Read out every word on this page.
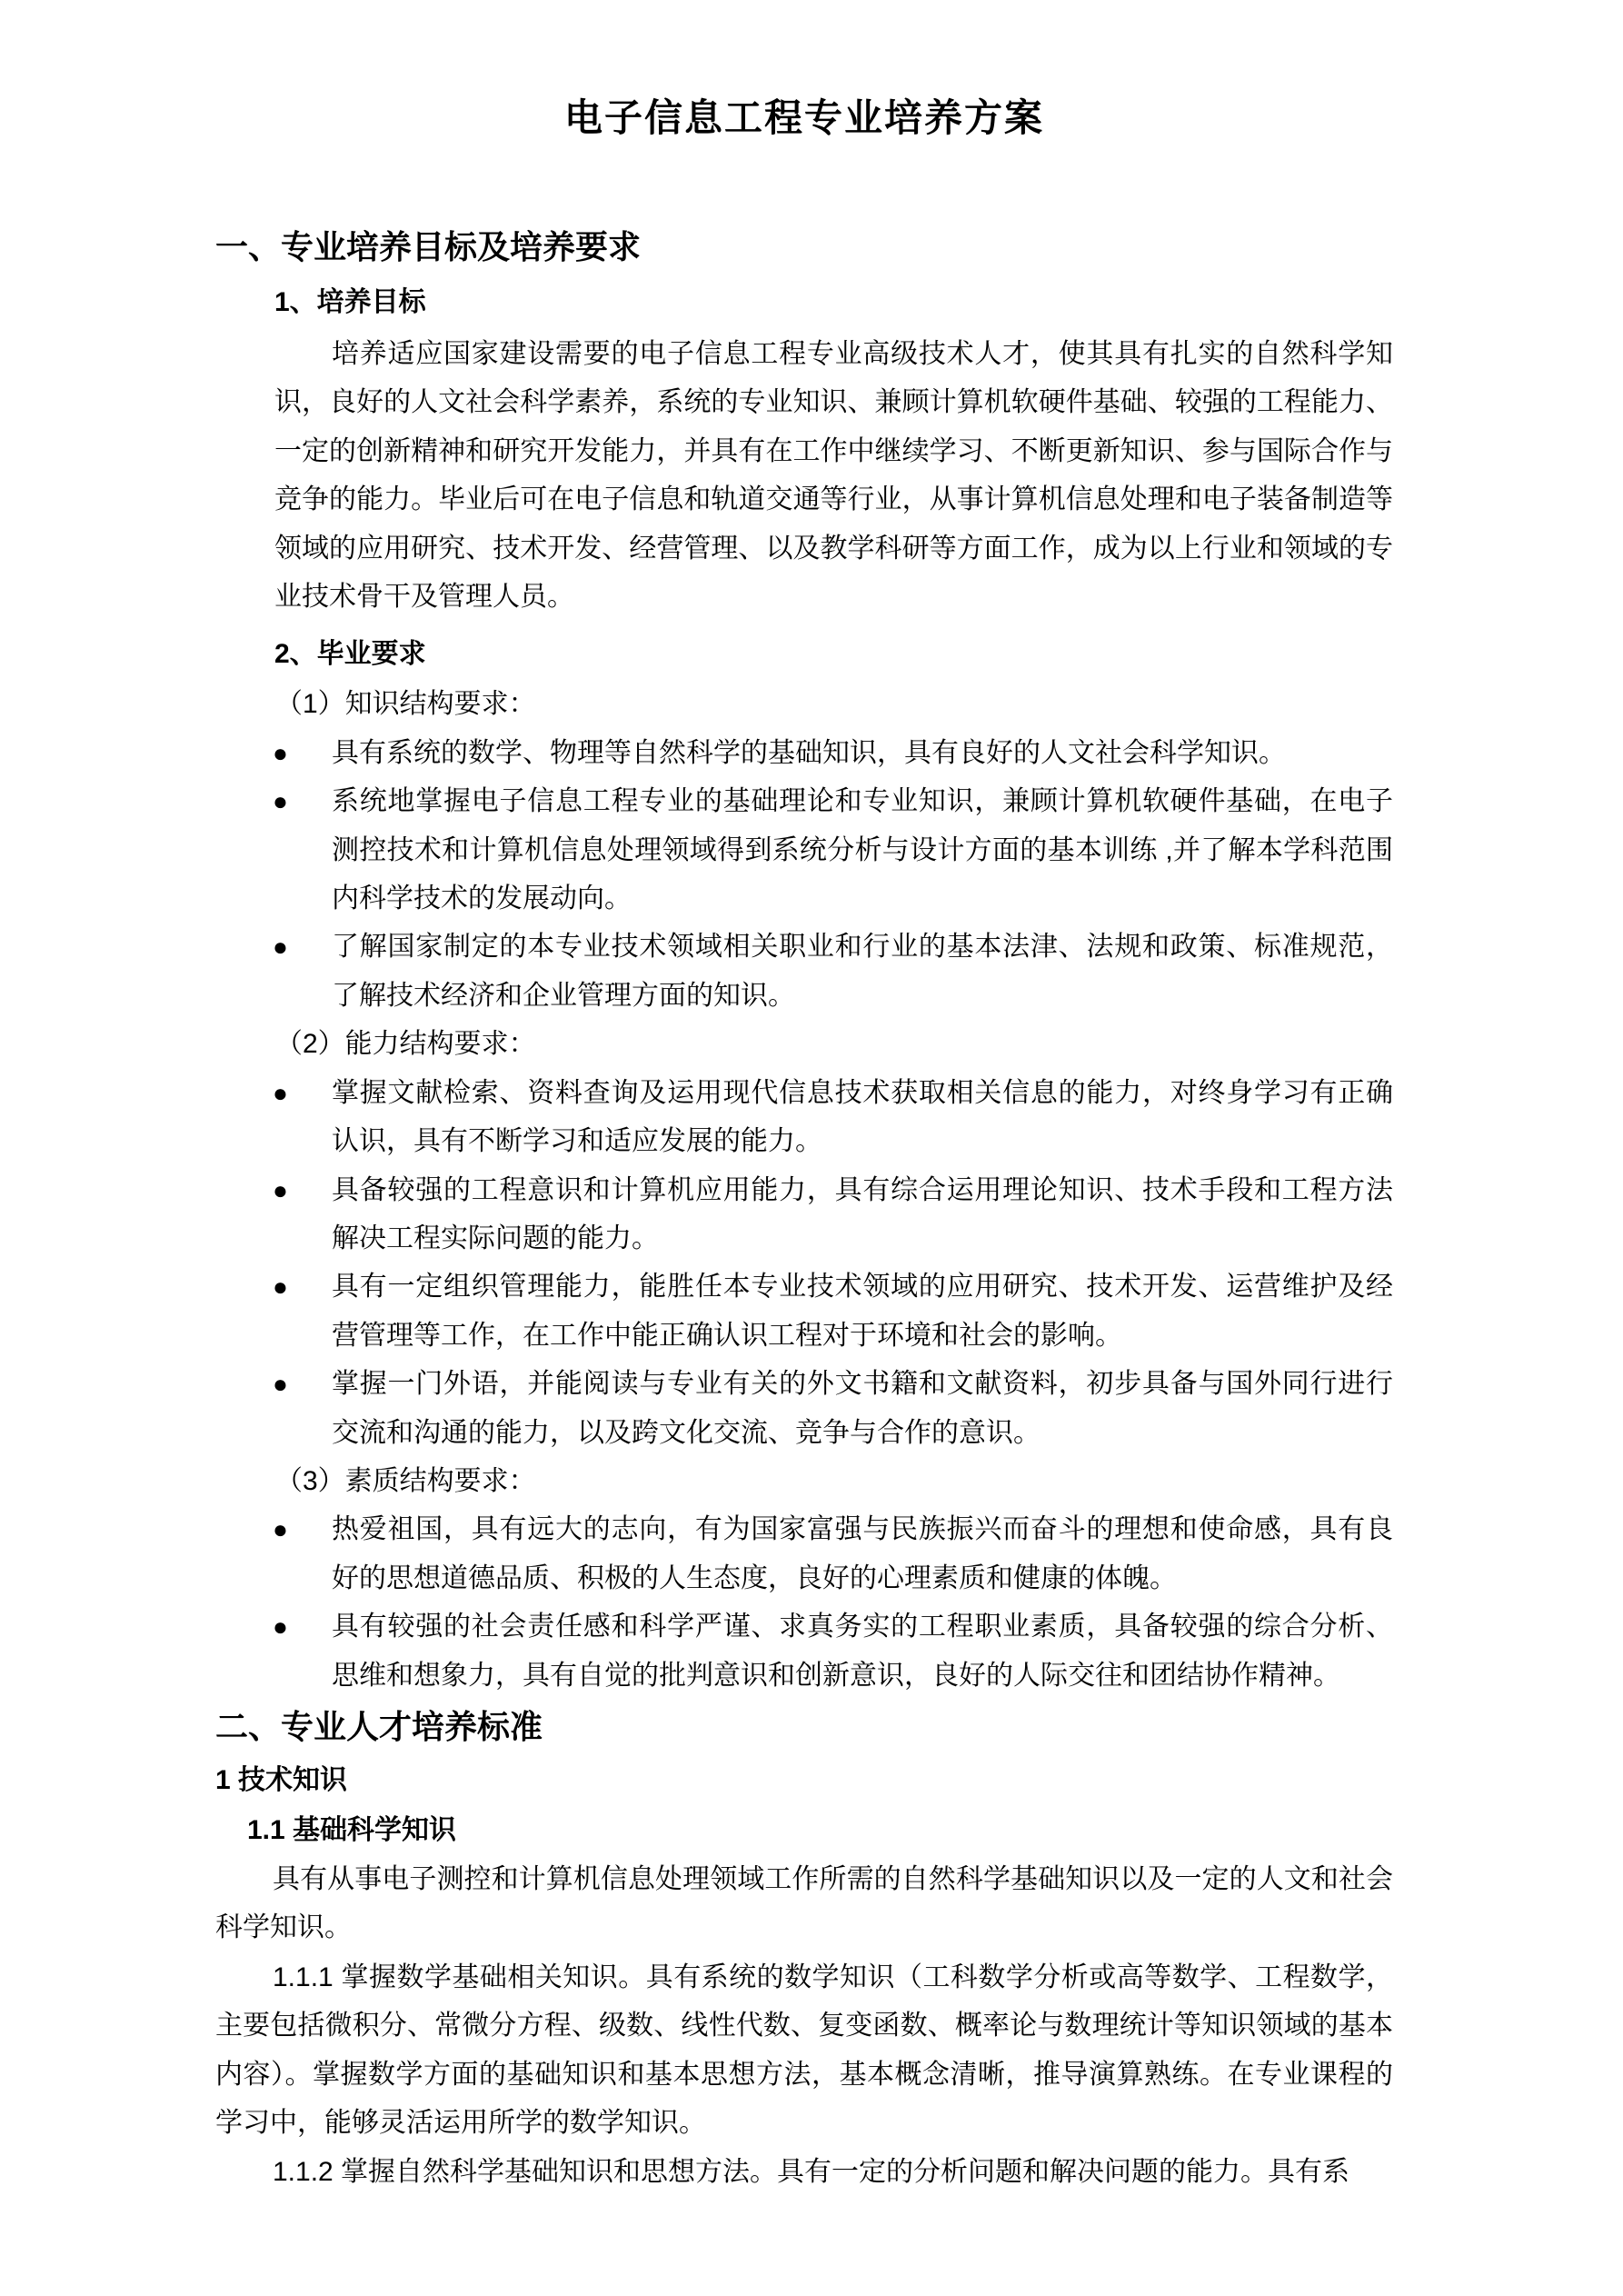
电子信息工程专业培养方案
一、专业培养目标及培养要求
1、培养目标
培养适应国家建设需要的电子信息工程专业高级技术人才，使其具有扎实的自然科学知识，良好的人文社会科学素养，系统的专业知识、兼顾计算机软硬件基础、较强的工程能力、一定的创新精神和研究开发能力，并具有在工作中继续学习、不断更新知识、参与国际合作与竞争的能力。毕业后可在电子信息和轨道交通等行业，从事计算机信息处理和电子装备制造等领域的应用研究、技术开发、经营管理、以及教学科研等方面工作，成为以上行业和领域的专业技术骨干及管理人员。
2、毕业要求
（1）知识结构要求：
● 具有系统的数学、物理等自然科学的基础知识，具有良好的人文社会科学知识。
● 系统地掌握电子信息工程专业的基础理论和专业知识，兼顾计算机软硬件基础，在电子测控技术和计算机信息处理领域得到系统分析与设计方面的基本训练 ,并了解本学科范围内科学技术的发展动向。
● 了解国家制定的本专业技术领域相关职业和行业的基本法津、法规和政策、标准规范，了解技术经济和企业管理方面的知识。
（2）能力结构要求：
● 掌握文献检索、资料查询及运用现代信息技术获取相关信息的能力，对终身学习有正确认识，具有不断学习和适应发展的能力。
● 具备较强的工程意识和计算机应用能力，具有综合运用理论知识、技术手段和工程方法解决工程实际问题的能力。
● 具有一定组织管理能力，能胜任本专业技术领域的应用研究、技术开发、运营维护及经营管理等工作，在工作中能正确认识工程对于环境和社会的影响。
● 掌握一门外语，并能阅读与专业有关的外文书籍和文献资料，初步具备与国外同行进行交流和沟通的能力，以及跨文化交流、竞争与合作的意识。
（3）素质结构要求：
● 热爱祖国，具有远大的志向，有为国家富强与民族振兴而奋斗的理想和使命感，具有良好的思想道德品质、积极的人生态度，良好的心理素质和健康的体魄。
● 具有较强的社会责任感和科学严谨、求真务实的工程职业素质，具备较强的综合分析、思维和想象力，具有自觉的批判意识和创新意识，良好的人际交往和团结协作精神。
二、专业人才培养标准
1 技术知识
1.1 基础科学知识
具有从事电子测控和计算机信息处理领域工作所需的自然科学基础知识以及一定的人文和社会科学知识。
1.1.1 掌握数学基础相关知识。具有系统的数学知识（工科数学分析或高等数学、工程数学，主要包括微积分、常微分方程、级数、线性代数、复变函数、概率论与数理统计等知识领域的基本内容）。掌握数学方面的基础知识和基本思想方法，基本概念清晰，推导演算熟练。在专业课程的学习中，能够灵活运用所学的数学知识。
1.1.2 掌握自然科学基础知识和思想方法。具有一定的分析问题和解决问题的能力。具有系
